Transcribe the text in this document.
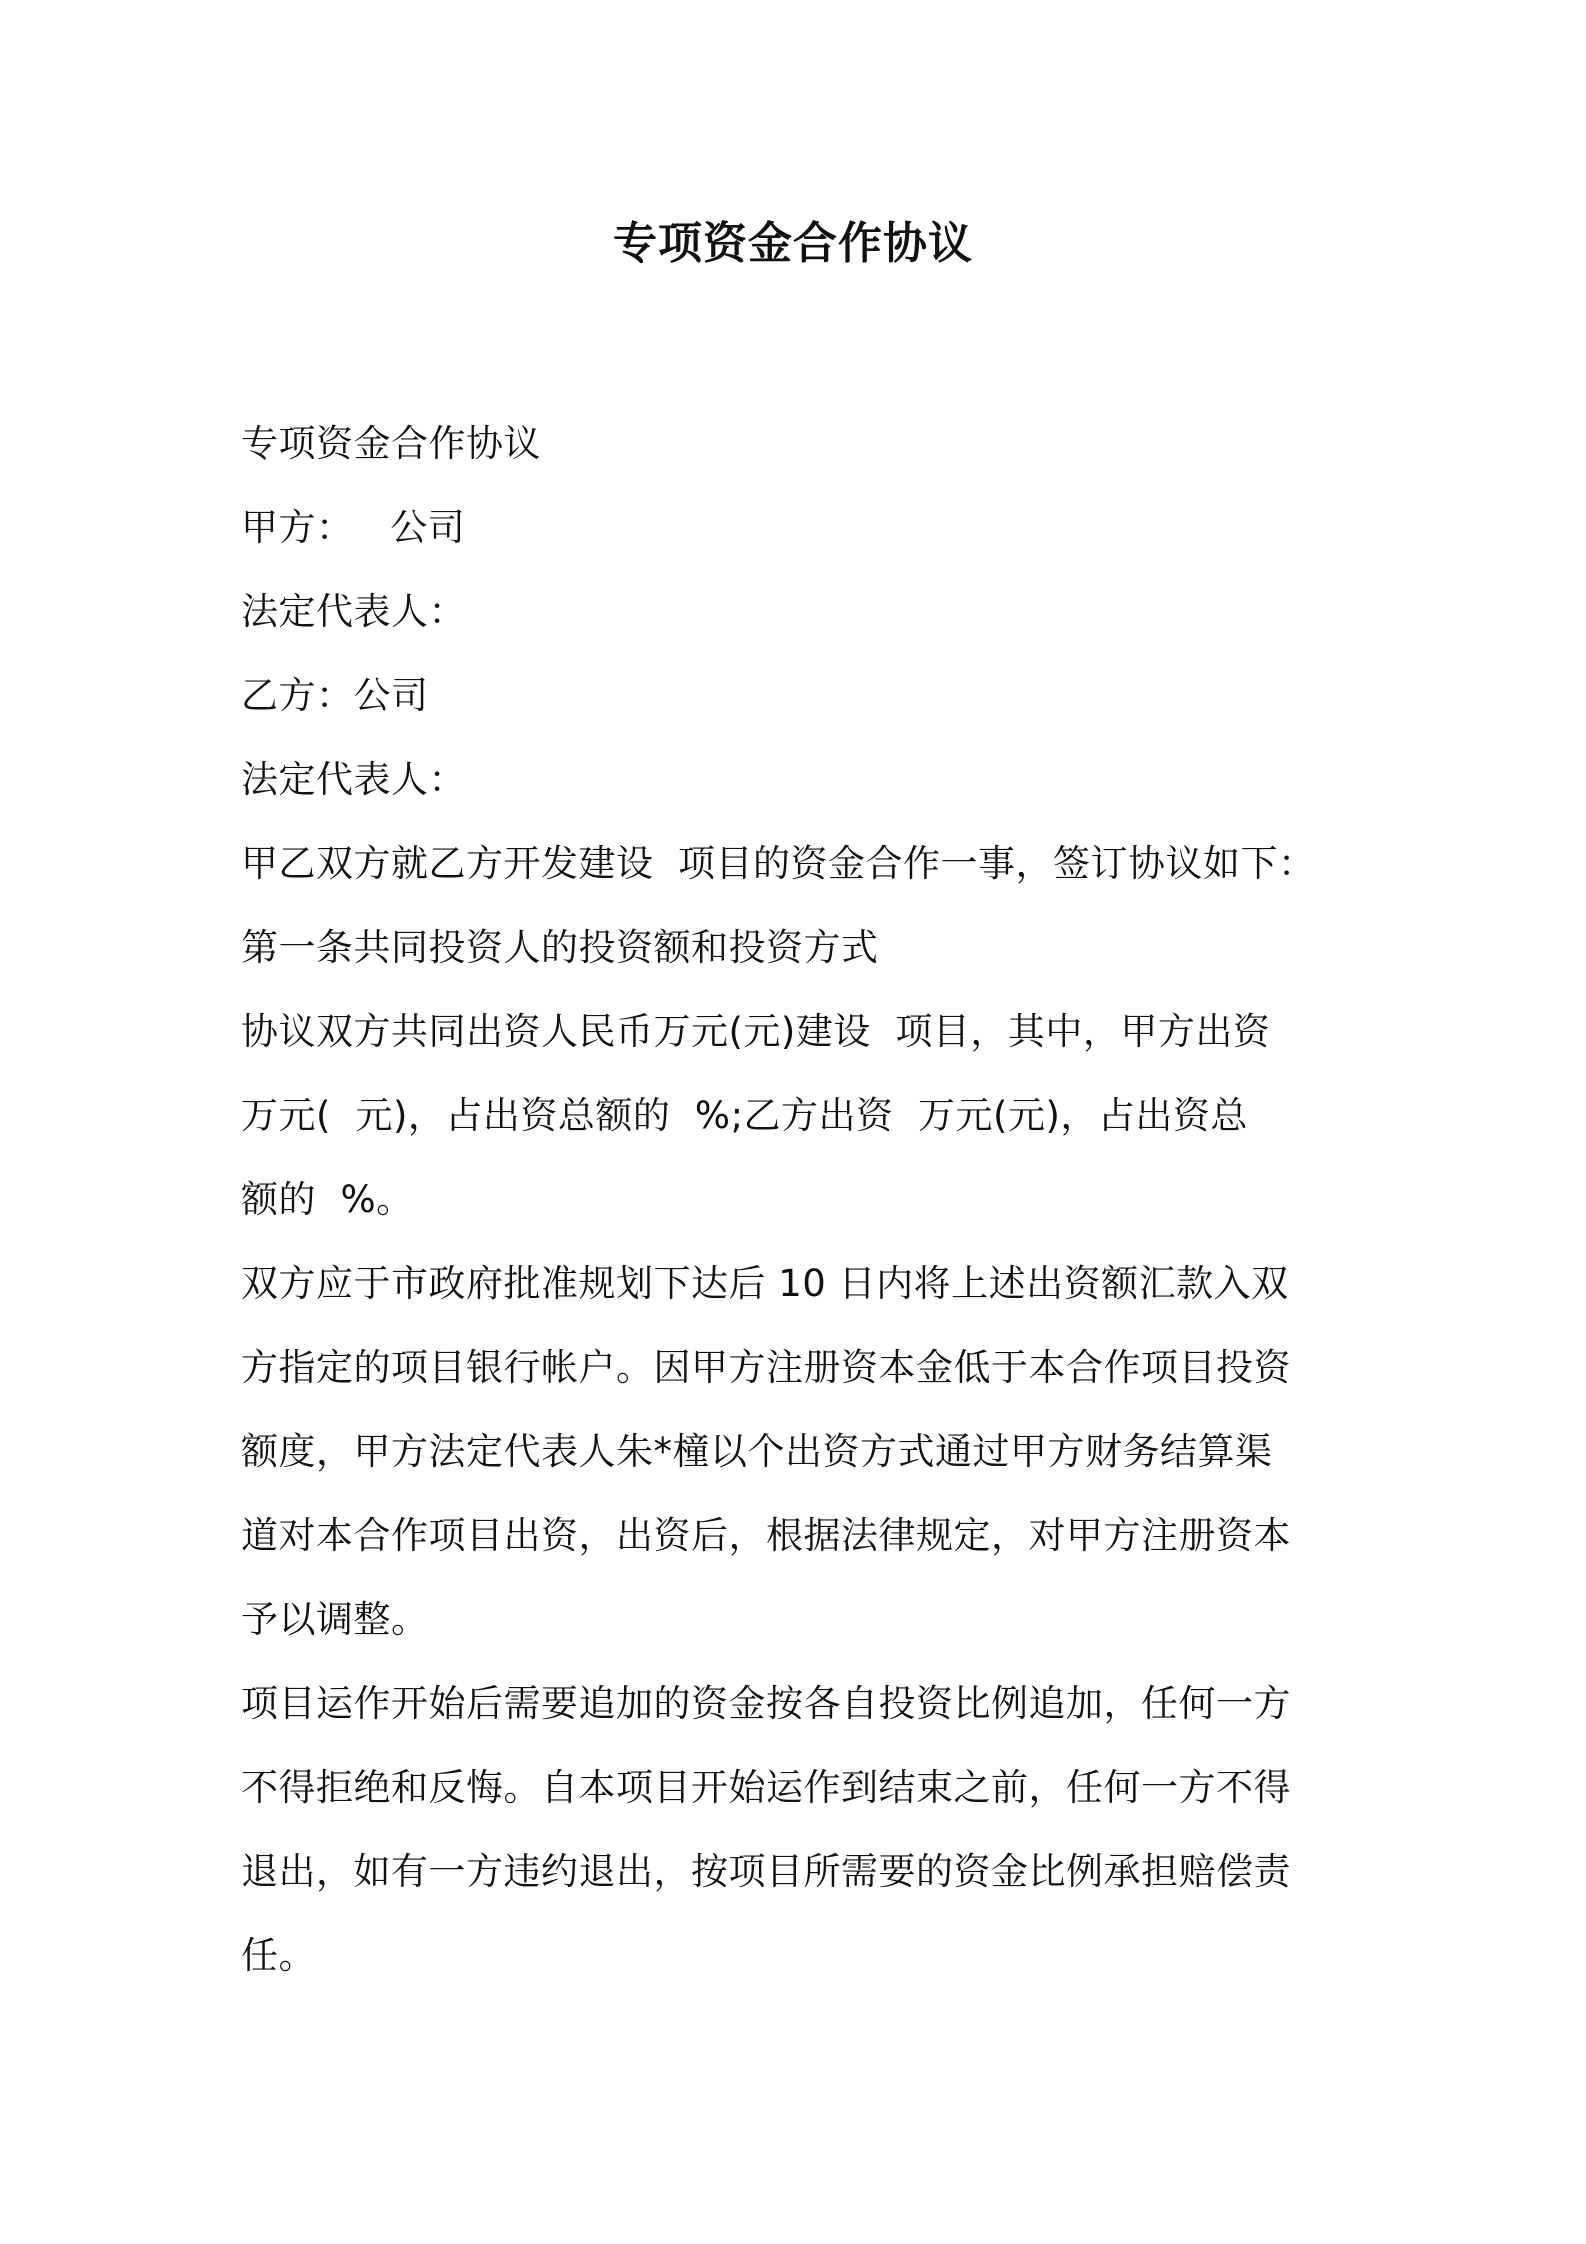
专项资金合作协议
专项资金合作协议
甲方：   公司
法定代表人：
乙方：公司
法定代表人：
甲乙双方就乙方开发建设  项目的资金合作一事，签订协议如下：
第一条共同投资人的投资额和投资方式
协议双方共同出资人民币万元(元)建设  项目，其中，甲方出资
万元(  元)，占出资总额的  %;乙方出资  万元(元)，占出资总
额的  %。
双方应于市政府批准规划下达后 10 日内将上述出资额汇款入双
方指定的项目银行帐户。因甲方注册资本金低于本合作项目投资
额度，甲方法定代表人朱*橦以个出资方式通过甲方财务结算渠
道对本合作项目出资，出资后，根据法律规定，对甲方注册资本
予以调整。
项目运作开始后需要追加的资金按各自投资比例追加，任何一方
不得拒绝和反悔。自本项目开始运作到结束之前，任何一方不得
退出，如有一方违约退出，按项目所需要的资金比例承担赔偿责
任。
